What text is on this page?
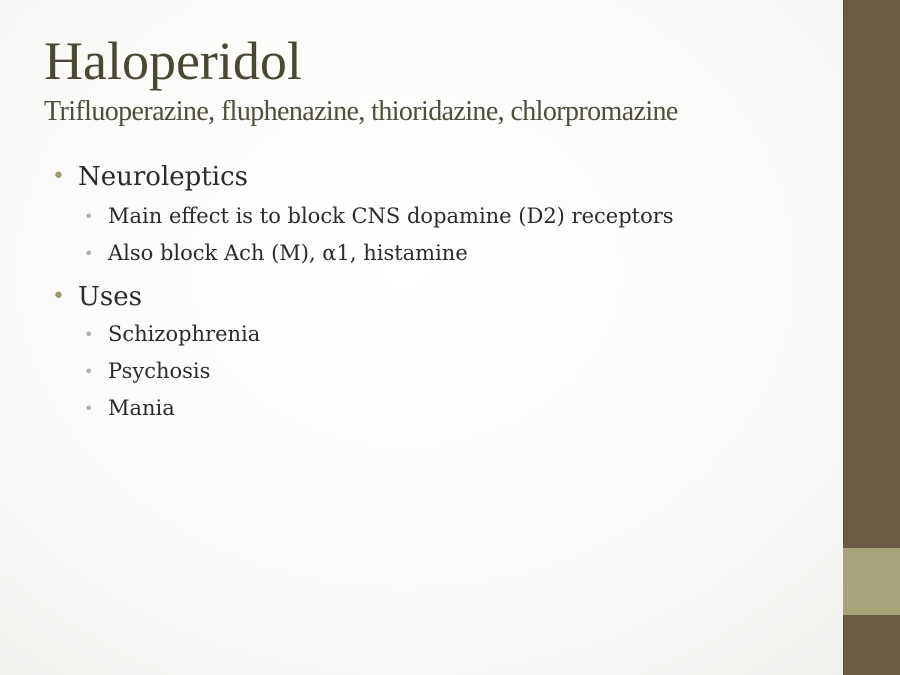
Haloperidol
Trifluoperazine, fluphenazine, thioridazine, chlorpromazine
• Neuroleptics
• Main effect is to block CNS dopamine (D2) receptors
• Also block Ach (M), α1, histamine
• Uses
• Schizophrenia
• Psychosis
• Mania
